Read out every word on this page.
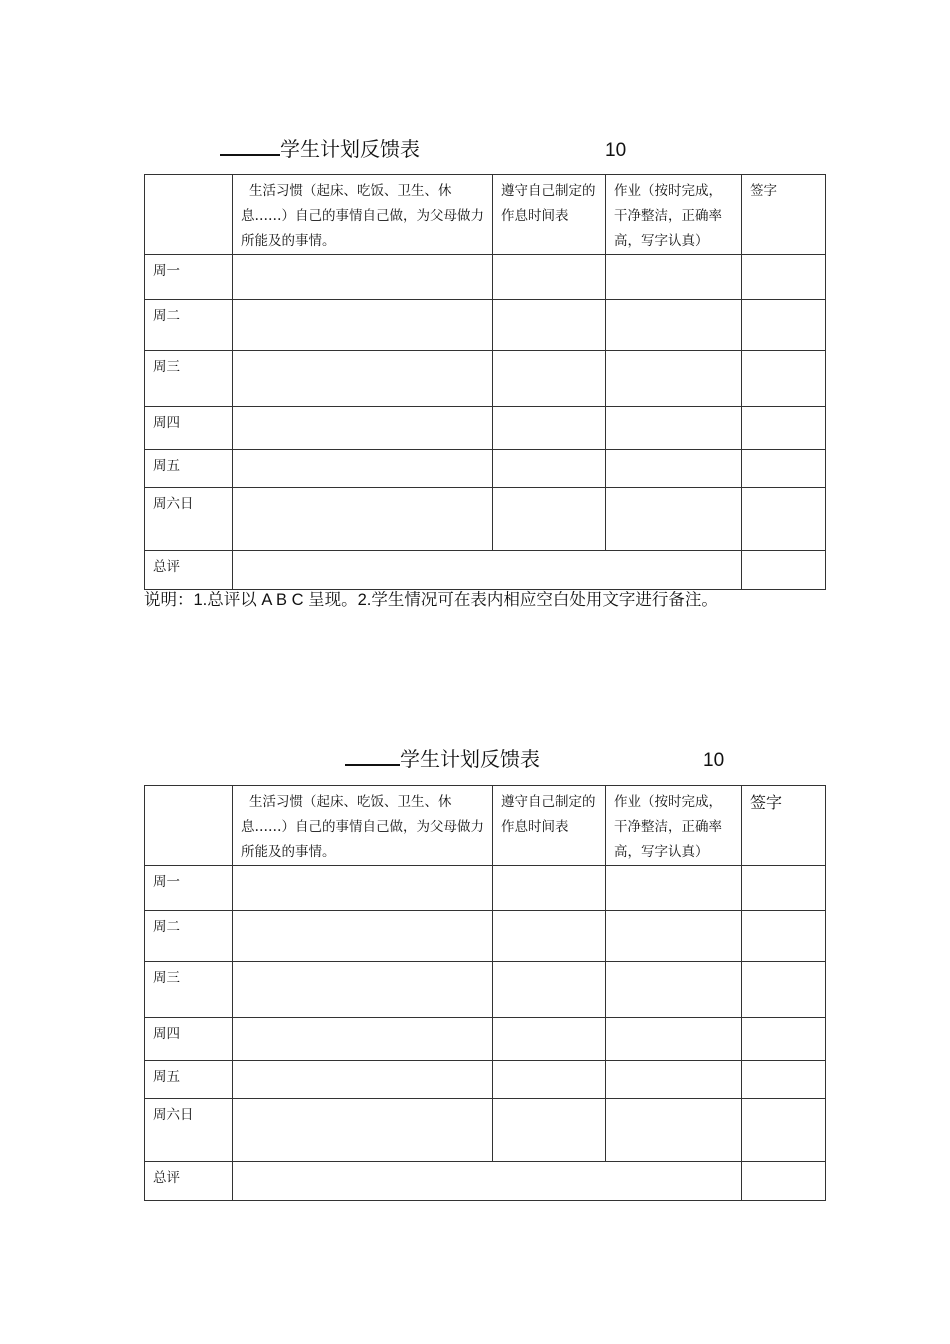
学生计划反馈表	10
	生活习惯（起床、吃饭、卫生、休息……）自己的事情自己做，为父母做力所能及的事情。	遵守自己制定的作息时间表	作业（按时完成，干净整洁，正确率高，写字认真）	签字
周一				
周二				
周三				
周四				
周五				
周六日				
总评				
说明：1.总评以 A B C 呈现。2.学生情况可在表内相应空白处用文字进行备注。
学生计划反馈表	10
	生活习惯（起床、吃饭、卫生、休息……）自己的事情自己做，为父母做力所能及的事情。	遵守自己制定的作息时间表	作业（按时完成，干净整洁，正确率高，写字认真）	签字
周一				
周二				
周三				
周四				
周五				
周六日				
总评				
